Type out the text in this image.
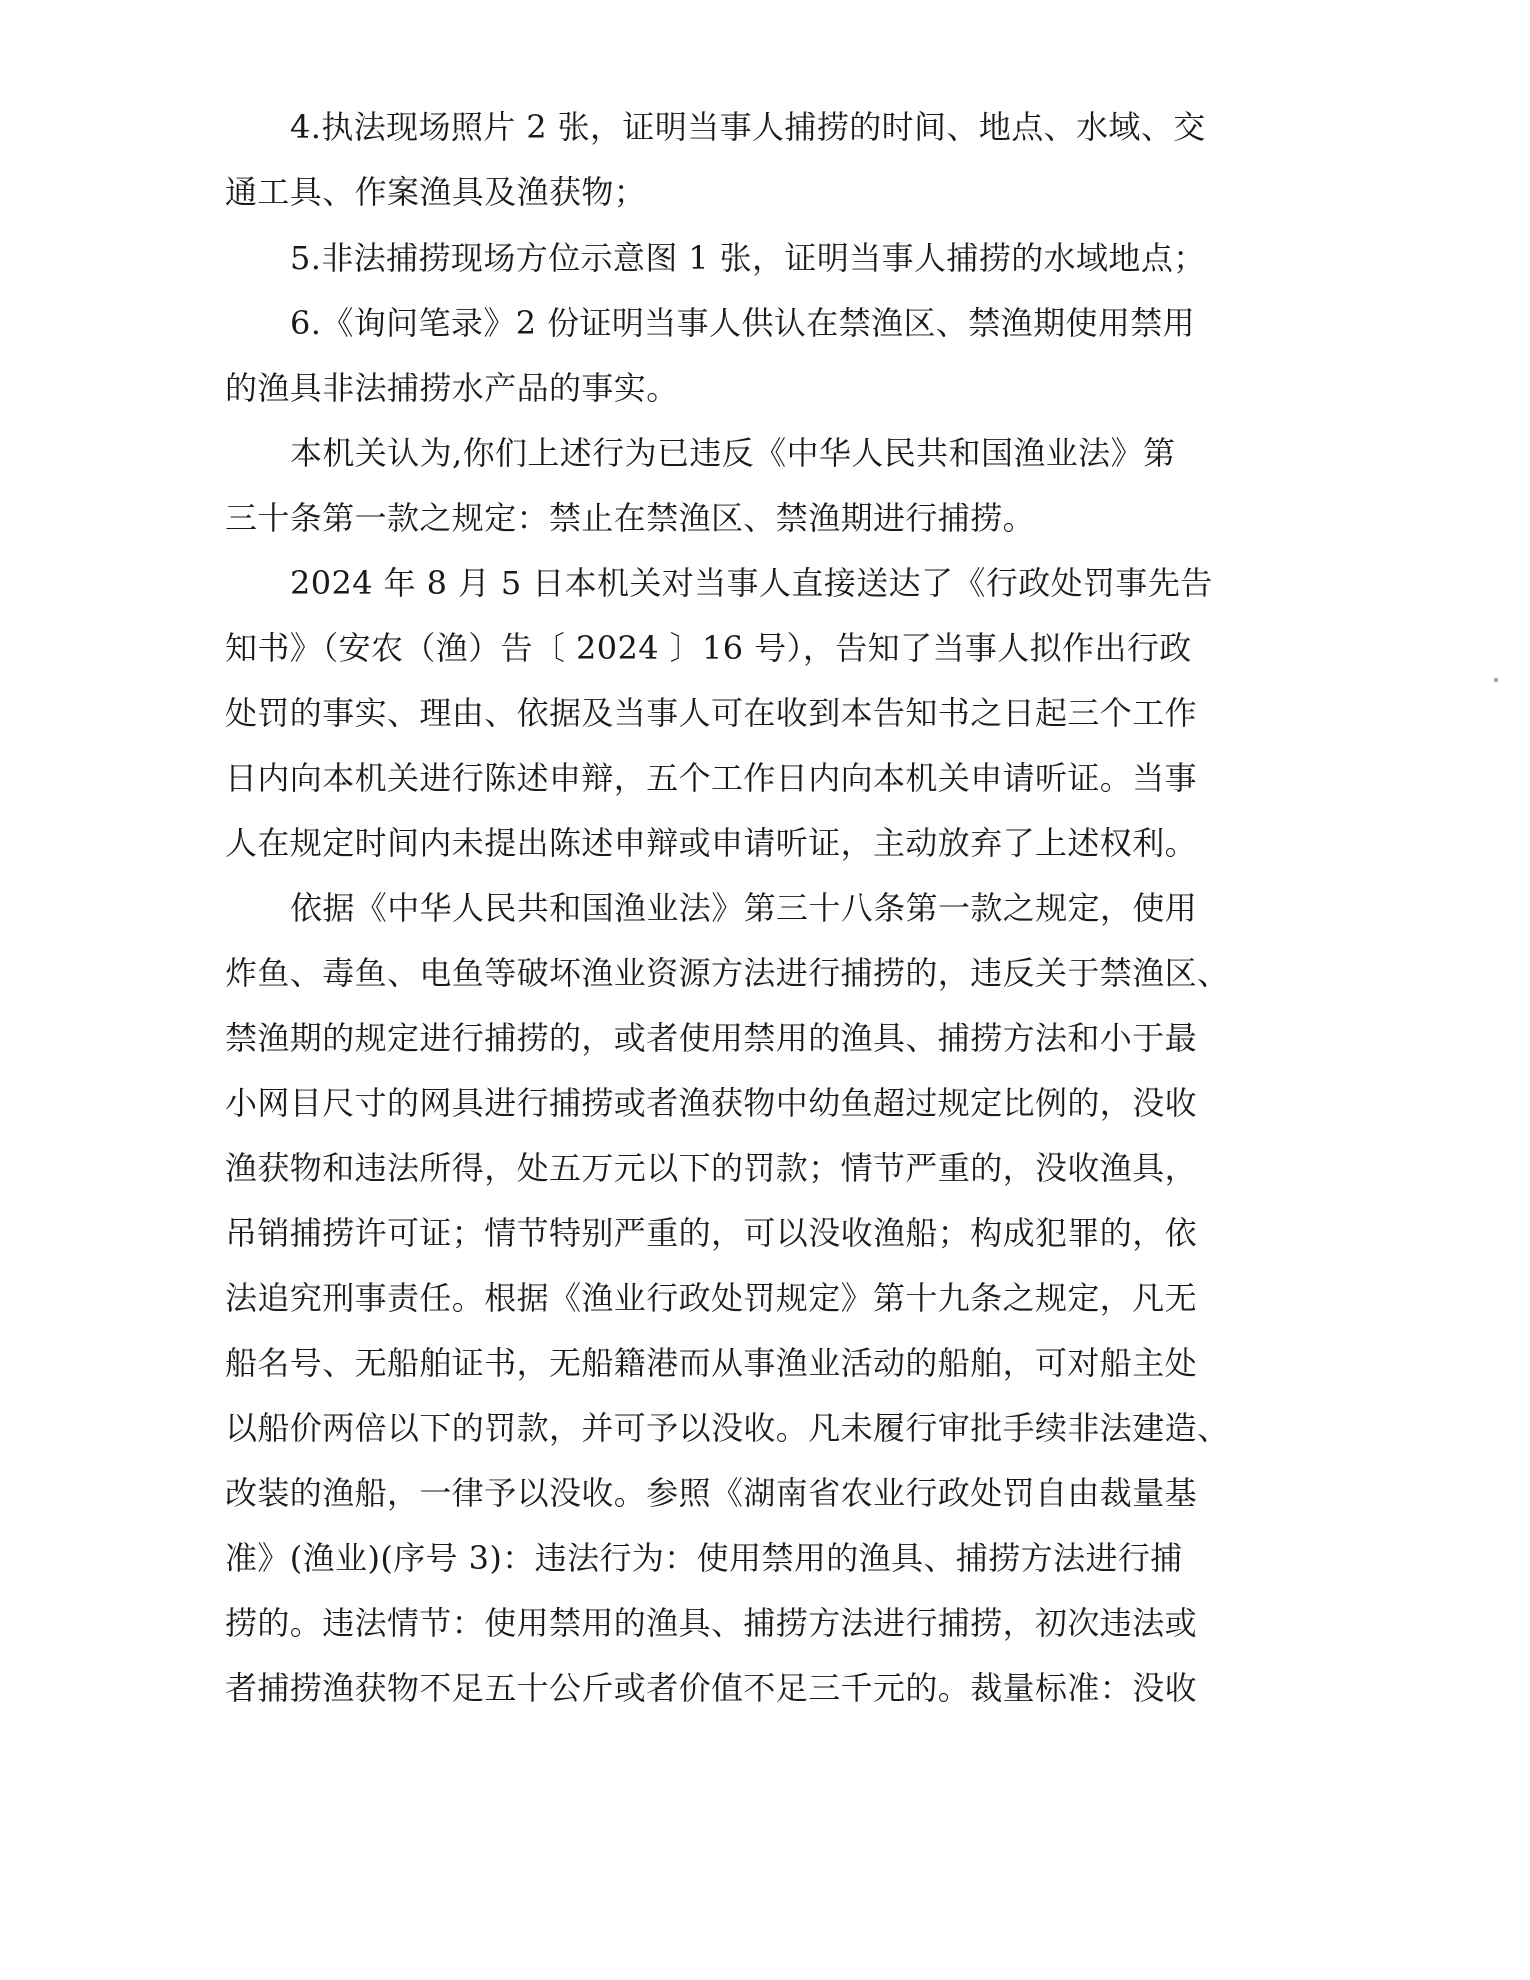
4.执法现场照片 2 张，证明当事人捕捞的时间、地点、水域、交
通工具、作案渔具及渔获物；
5.非法捕捞现场方位示意图 1 张，证明当事人捕捞的水域地点；
6.《询问笔录》2 份证明当事人供认在禁渔区、禁渔期使用禁用
的渔具非法捕捞水产品的事实。
本机关认为,你们上述行为已违反《中华人民共和国渔业法》第
三十条第一款之规定：禁止在禁渔区、禁渔期进行捕捞。
2024 年 8 月 5 日本机关对当事人直接送达了《行政处罚事先告
知书》（安农（渔）告〔 2024 〕16 号），告知了当事人拟作出行政
处罚的事实、理由、依据及当事人可在收到本告知书之日起三个工作
日内向本机关进行陈述申辩，五个工作日内向本机关申请听证。当事
人在规定时间内未提出陈述申辩或申请听证，主动放弃了上述权利。
依据《中华人民共和国渔业法》第三十八条第一款之规定，使用
炸鱼、毒鱼、电鱼等破坏渔业资源方法进行捕捞的，违反关于禁渔区、
禁渔期的规定进行捕捞的，或者使用禁用的渔具、捕捞方法和小于最
小网目尺寸的网具进行捕捞或者渔获物中幼鱼超过规定比例的，没收
渔获物和违法所得，处五万元以下的罚款；情节严重的，没收渔具，
吊销捕捞许可证；情节特别严重的，可以没收渔船；构成犯罪的，依
法追究刑事责任。根据《渔业行政处罚规定》第十九条之规定，凡无
船名号、无船舶证书，无船籍港而从事渔业活动的船舶，可对船主处
以船价两倍以下的罚款，并可予以没收。凡未履行审批手续非法建造、
改装的渔船，一律予以没收。参照《湖南省农业行政处罚自由裁量基
准》(渔业)(序号 3)：违法行为：使用禁用的渔具、捕捞方法进行捕
捞的。违法情节：使用禁用的渔具、捕捞方法进行捕捞，初次违法或
者捕捞渔获物不足五十公斤或者价值不足三千元的。裁量标准：没收
